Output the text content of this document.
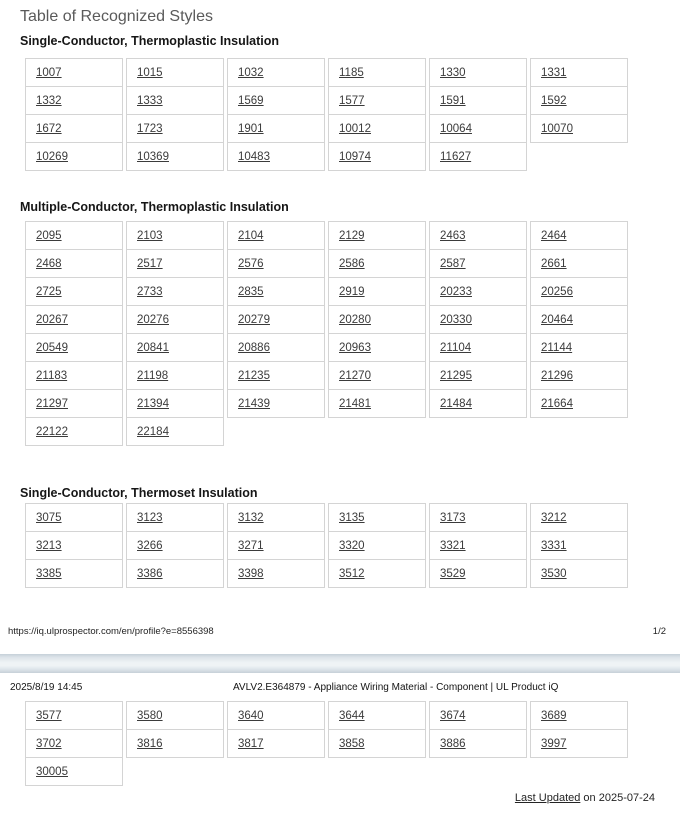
Table of Recognized Styles
Single-Conductor, Thermoplastic Insulation
1007	1015	1032	1185	1330	1331
1332	1333	1569	1577	1591	1592
1672	1723	1901	10012	10064	10070
10269	10369	10483	10974	11627
Multiple-Conductor, Thermoplastic Insulation
2095	2103	2104	2129	2463	2464
2468	2517	2576	2586	2587	2661
2725	2733	2835	2919	20233	20256
20267	20276	20279	20280	20330	20464
20549	20841	20886	20963	21104	21144
21183	21198	21235	21270	21295	21296
21297	21394	21439	21481	21484	21664
22122	22184
Single-Conductor, Thermoset Insulation
3075	3123	3132	3135	3173	3212
3213	3266	3271	3320	3321	3331
3385	3386	3398	3512	3529	3530
https://iq.ulprospector.com/en/profile?e=8556398	1/2
2025/8/19 14:45	AVLV2.E364879 - Appliance Wiring Material - Component | UL Product iQ
3577	3580	3640	3644	3674	3689
3702	3816	3817	3858	3886	3997
30005
Last Updated on 2025-07-24
